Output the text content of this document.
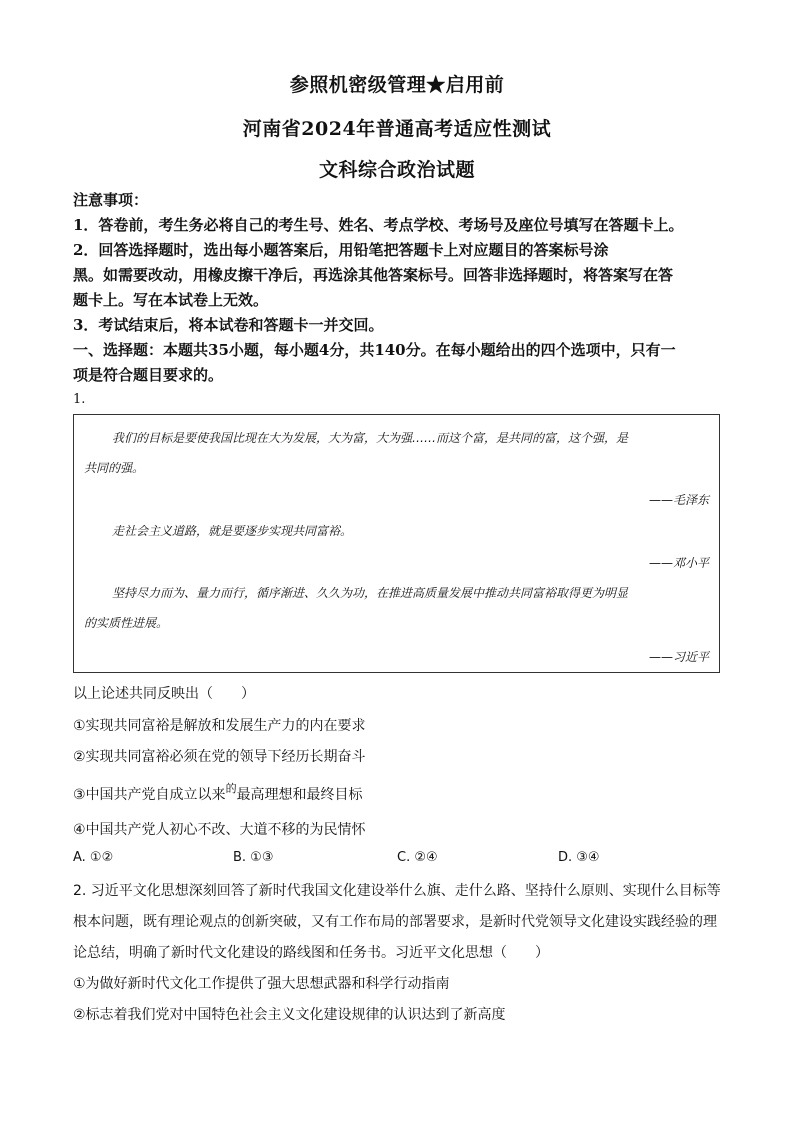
参照机密级管理★启用前
河南省2024年普通高考适应性测试
文科综合政治试题
注意事项：
1．答卷前，考生务必将自己的考生号、姓名、考点学校、考场号及座位号填写在答题卡上。
2．回答选择题时，选出每小题答案后，用铅笔把答题卡上对应题目的答案标号涂
黑。如需要改动，用橡皮擦干净后，再选涂其他答案标号。回答非选择题时，将答案写在答
题卡上。写在本试卷上无效。
3．考试结束后，将本试卷和答题卡一并交回。
一、选择题：本题共35小题，每小题4分，共140分。在每小题给出的四个选项中，只有一
项是符合题目要求的。
1.
我们的目标是要使我国比现在大为发展，大为富，大为强……而这个富，是共同的富，这个强，是
共同的强。
——毛泽东
走社会主义道路，就是要逐步实现共同富裕。
——邓小平
坚持尽力而为、量力而行，循序渐进、久久为功，在推进高质量发展中推动共同富裕取得更为明显
的实质性进展。
——习近平
以上论述共同反映出（　　）
①实现共同富裕是解放和发展生产力的内在要求
②实现共同富裕必须在党的领导下经历长期奋斗
③中国共产党自成立以来$^的$最高理想和最终目标
④中国共产党人初心不改、大道不移的为民情怀
A. ①②	B. ①③	C. ②④	D. ③④
2. 习近平文化思想深刻回答了新时代我国文化建设举什么旗、走什么路、坚持什么原则、实现什么目标等
根本问题，既有理论观点的创新突破，又有工作布局的部署要求，是新时代党领导文化建设实践经验的理
论总结，明确了新时代文化建设的路线图和任务书。习近平文化思想（　　）
①为做好新时代文化工作提供了强大思想武器和科学行动指南
②标志着我们党对中国特色社会主义文化建设规律的认识达到了新高度
